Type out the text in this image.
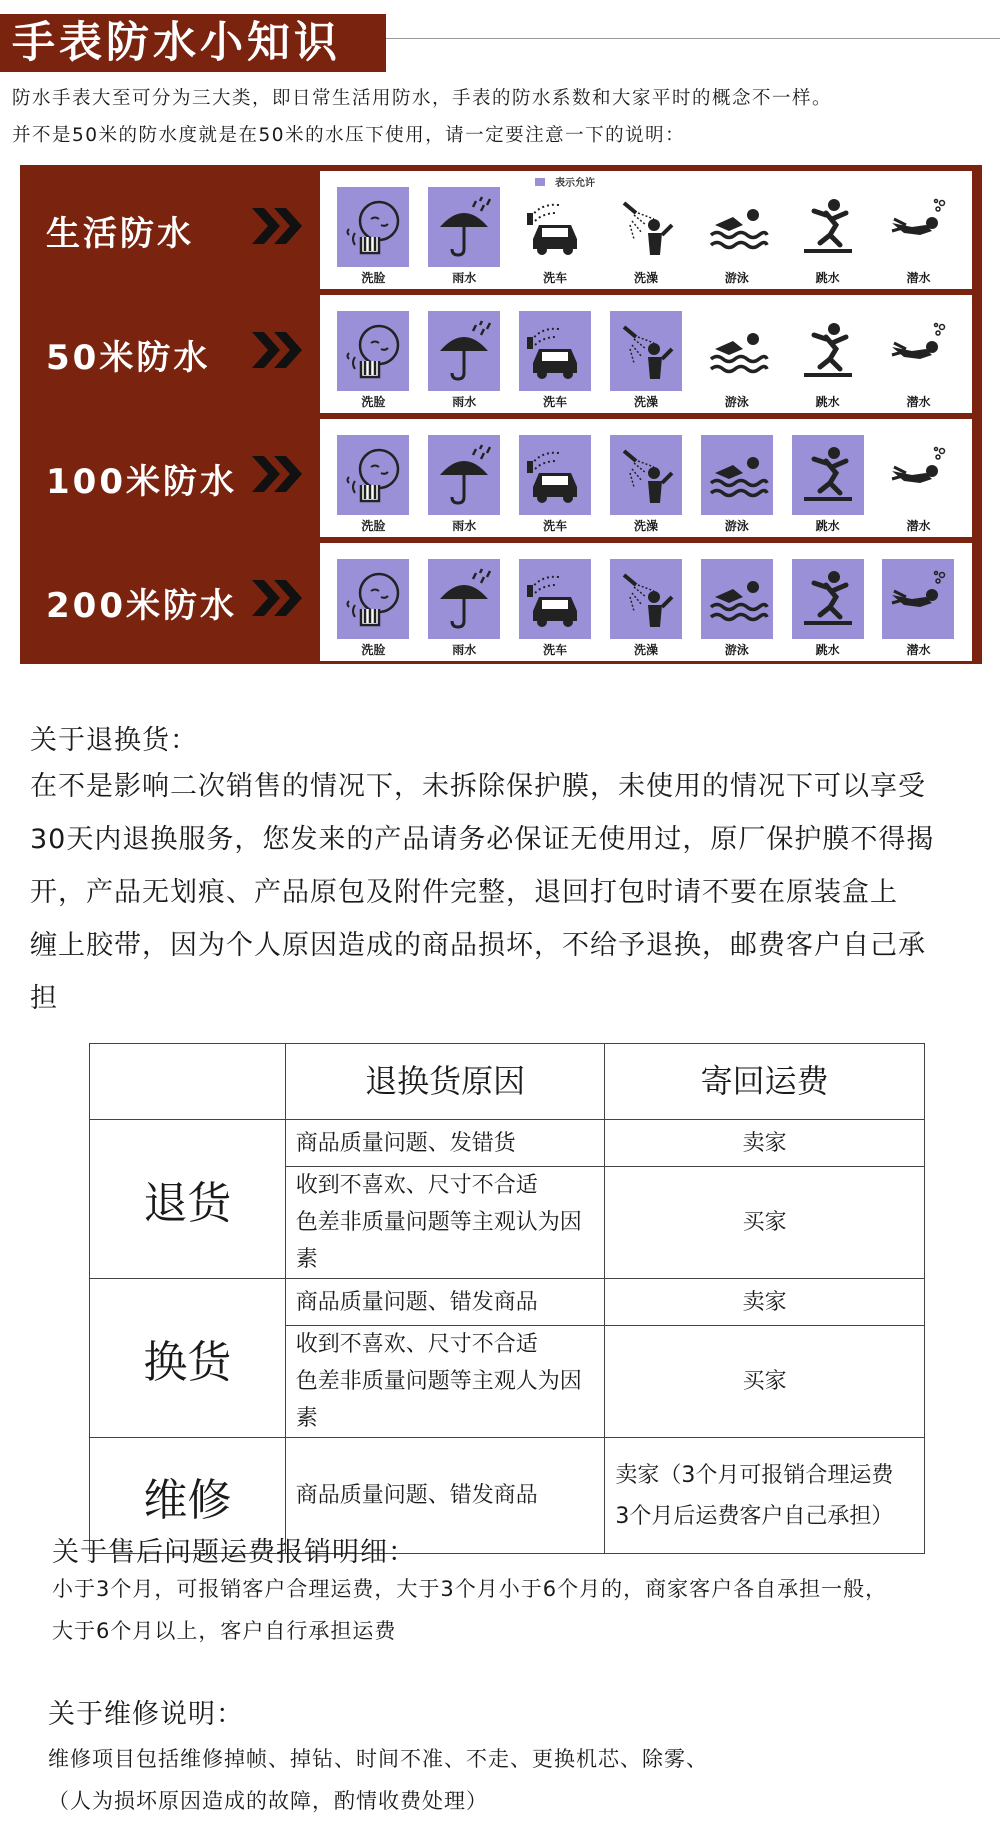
手表防水小知识

防水手表大至可分为三大类，即日常生活用防水，手表的防水系数和大家平时的概念不一样。

并不是50米的防水度就是在50米的水压下使用，请一定要注意一下的说明：

生活防水
表示允许
洗脸	雨水	洗车	洗澡	游泳	跳水	潜水
50米防水
洗脸	雨水	洗车	洗澡	游泳	跳水	潜水
100米防水
洗脸	雨水	洗车	洗澡	游泳	跳水	潜水
200米防水
洗脸	雨水	洗车	洗澡	游泳	跳水	潜水
关于退换货：

在不是影响二次销售的情况下，未拆除保护膜，未使用的情况下可以享受

30天内退换服务，您发来的产品请务必保证无使用过，原厂保护膜不得揭

开，产品无划痕、产品原包及附件完整，退回打包时请不要在原装盒上

缠上胶带，因为个人原因造成的商品损坏，不给予退换，邮费客户自己承

担

	退换货原因	寄回运费
退货	商品质量问题、发错货	卖家

	收到不喜欢、尺寸不合适
色差非质量问题等主观认为因素	买家
换货	商品质量问题、错发商品	卖家

	收到不喜欢、尺寸不合适
色差非质量问题等主观人为因素	买家
维修	商品质量问题、错发商品	卖家（3个月可报销合理运费
3个月后运费客户自己承担）
关于售后问题运费报销明细：

小于3个月，可报销客户合理运费，大于3个月小于6个月的，商家客户各自承担一般，

大于6个月以上，客户自行承担运费

关于维修说明：

维修项目包括维修掉帧、掉钻、时间不准、不走、更换机芯、除雾、

（人为损坏原因造成的故障，酌情收费处理）
